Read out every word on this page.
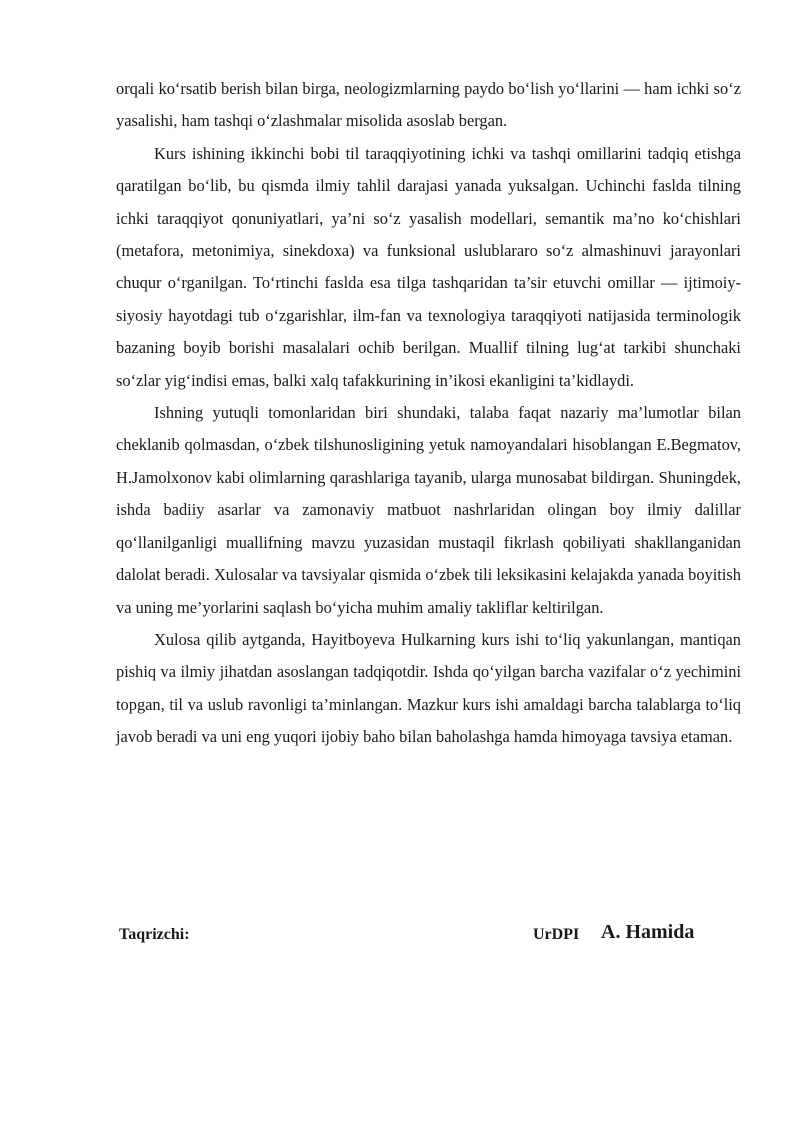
orqali ko‘rsatib berish bilan birga, neologizmlarning paydo bo‘lish yo‘llarini — ham ichki so‘z yasalishi, ham tashqi o‘zlashmalar misolida asoslab bergan.

Kurs ishining ikkinchi bobi til taraqqiyotining ichki va tashqi omillarini tadqiq etishga qaratilgan bo‘lib, bu qismda ilmiy tahlil darajasi yanada yuksalgan. Uchinchi faslda tilning ichki taraqqiyot qonuniyatlari, ya’ni so‘z yasalish modellari, semantik ma’no ko‘chishlari (metafora, metonimiya, sinekdoxa) va funksional uslublararo so‘z almashinuvi jarayonlari chuqur o‘rganilgan. To‘rtinchi faslda esa tilga tashqaridan ta’sir etuvchi omillar — ijtimoiy-siyosiy hayotdagi tub o‘zgarishlar, ilm-fan va texnologiya taraqqiyoti natijasida terminologik bazaning boyib borishi masalalari ochib berilgan. Muallif tilning lug‘at tarkibi shunchaki so‘zlar yig‘indisi emas, balki xalq tafakkurining in’ikosi ekanligini ta’kidlaydi.

Ishning yutuqli tomonlaridan biri shundaki, talaba faqat nazariy ma’lumotlar bilan cheklanib qolmasdan, o‘zbek tilshunosligining yetuk namoyandalari hisoblangan E.Begmatov, H.Jamolxonov kabi olimlarning qarashlariga tayanib, ularga munosabat bildirgan. Shuningdek, ishda badiiy asarlar va zamonaviy matbuot nashrlaridan olingan boy ilmiy dalillar qo‘llanilganligi muallifning mavzu yuzasidan mustaqil fikrlash qobiliyati shakllanganidan dalolat beradi. Xulosalar va tavsiyalar qismida o‘zbek tili leksikasini kelajakda yanada boyitish va uning me’yorlarini saqlash bo‘yicha muhim amaliy takliflar keltirilgan.

Xulosa qilib aytganda, Hayitboyeva Hulkarning kurs ishi to‘liq yakunlangan, mantiqan pishiq va ilmiy jihatdan asoslangan tadqiqotdir. Ishda qo‘yilgan barcha vazifalar o‘z yechimini topgan, til va uslub ravonligi ta’minlangan. Mazkur kurs ishi amaldagi barcha talablarga to‘liq javob beradi va uni eng yuqori ijobiy baho bilan baholashga hamda himoyaga tavsiya etaman.

Taqrizchi:	UrDPI A. Hamida
